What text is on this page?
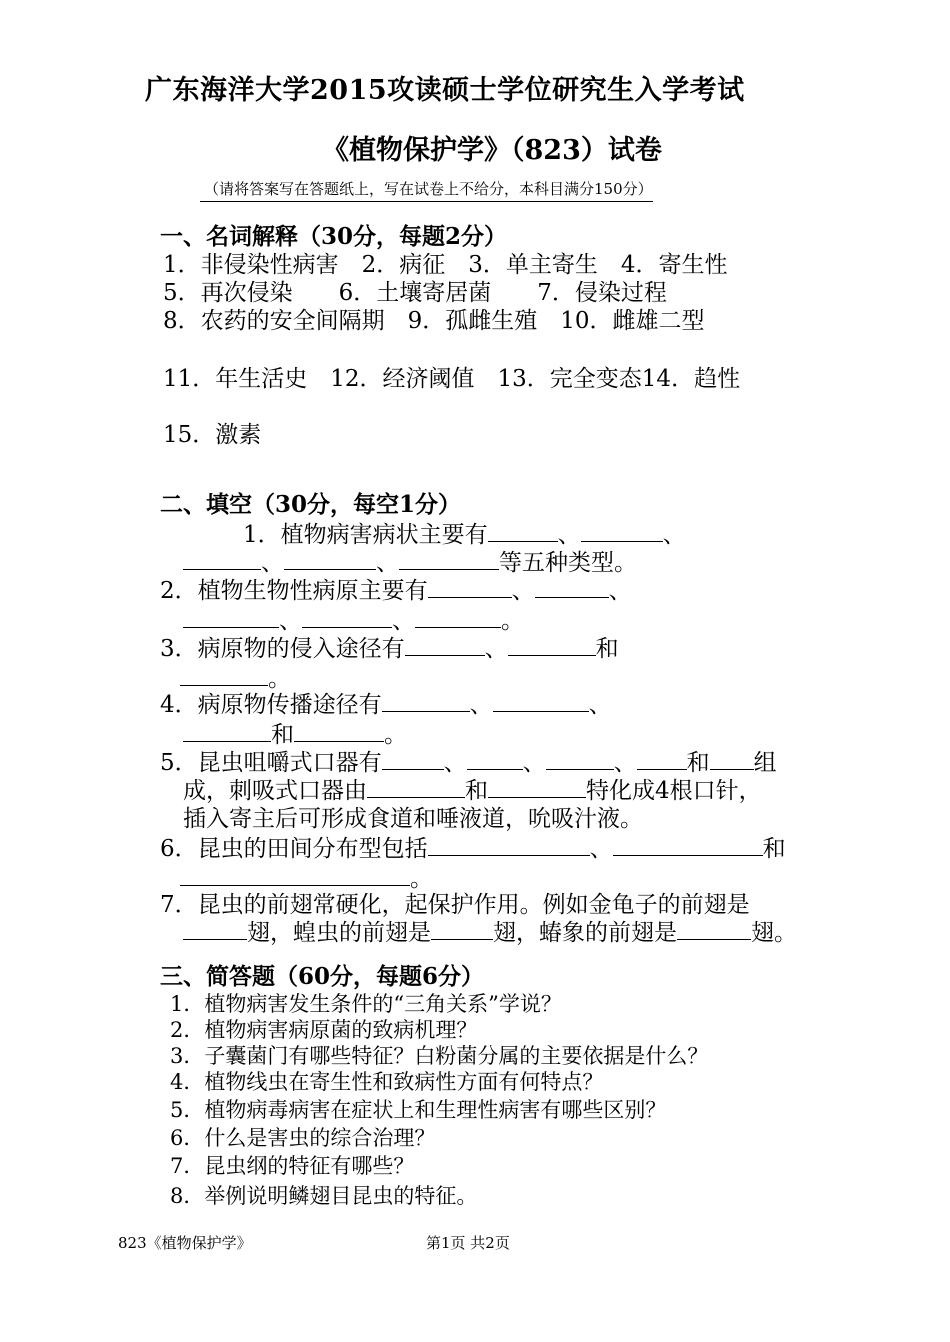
广东海洋大学2015攻读硕士学位研究生入学考试
《植物保护学》（823）试卷
（请将答案写在答题纸上，写在试卷上不给分，本科目满分150分）
一、名词解释（30分，每题2分）
1．非侵染性病害　2．病征　3．单主寄生　4．寄生性
5．再次侵染　　6．土壤寄居菌　　7．侵染过程
8．农药的安全间隔期　9．孤雌生殖　10．雌雄二型
11．年生活史　12．经济阈值　13．完全变态14．趋性
15．激素
二、填空（30分，每空1分）
1．植物病害病状主要有	、	、
、	、	等五种类型。
2．植物生物性病原主要有	、	、
、	、	。
3．病原物的侵入途径有	、	和
。
4．病原物传播途径有	、	、
和	。
5．昆虫咀嚼式口器有	、 、	、 和 组
成，刺吸式口器由	和	特化成4根口针，
插入寄主后可形成食道和唾液道，吮吸汁液。
6．昆虫的田间分布型包括	、	和
。
7．昆虫的前翅常硬化，起保护作用。例如金龟子的前翅是
翅，蝗虫的前翅是	翅，蝽象的前翅是	翅。
三、简答题（60分，每题6分）
1．植物病害发生条件的“三角关系”学说？
2．植物病害病原菌的致病机理？
3．子囊菌门有哪些特征？白粉菌分属的主要依据是什么？
4．植物线虫在寄生性和致病性方面有何特点？
5．植物病毒病害在症状上和生理性病害有哪些区别？
6．什么是害虫的综合治理？
7．昆虫纲的特征有哪些？
8．举例说明鳞翅目昆虫的特征。
823《植物保护学》	第1页 共2页
